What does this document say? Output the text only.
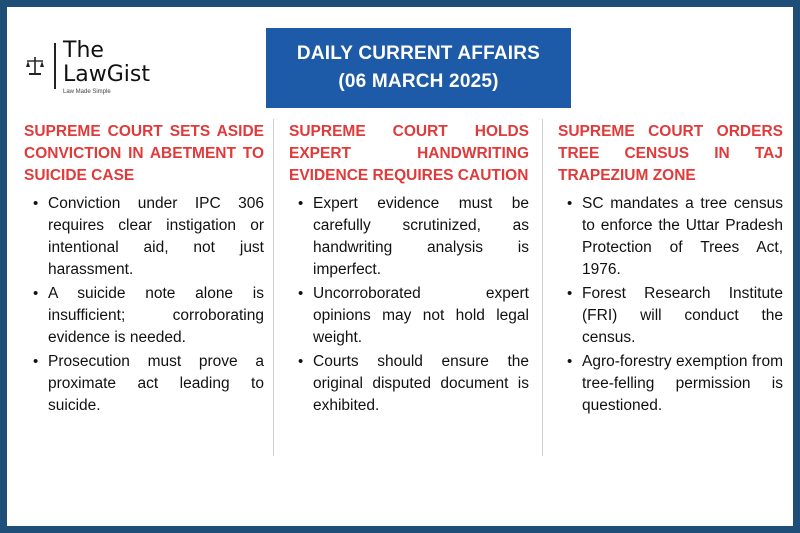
The
LawGist
Law Made Simple
DAILY CURRENT AFFAIRS
(06 MARCH 2025)
SUPREME COURT SETS ASIDE CONVICTION IN ABETMENT TO SUICIDE CASE
• Conviction under IPC 306 requires clear instigation or intentional aid, not just harassment.
• A suicide note alone is insufficient; corroborating evidence is needed.
• Prosecution must prove a proximate act leading to suicide.
SUPREME COURT HOLDS EXPERT HANDWRITING EVIDENCE REQUIRES CAUTION
• Expert evidence must be carefully scrutinized, as handwriting analysis is imperfect.
• Uncorroborated expert opinions may not hold legal weight.
• Courts should ensure the original disputed document is exhibited.
SUPREME COURT ORDERS TREE CENSUS IN TAJ TRAPEZIUM ZONE
• SC mandates a tree census to enforce the Uttar Pradesh Protection of Trees Act, 1976.
• Forest Research Institute (FRI) will conduct the census.
• Agro-forestry exemption from tree-felling permission is questioned.
